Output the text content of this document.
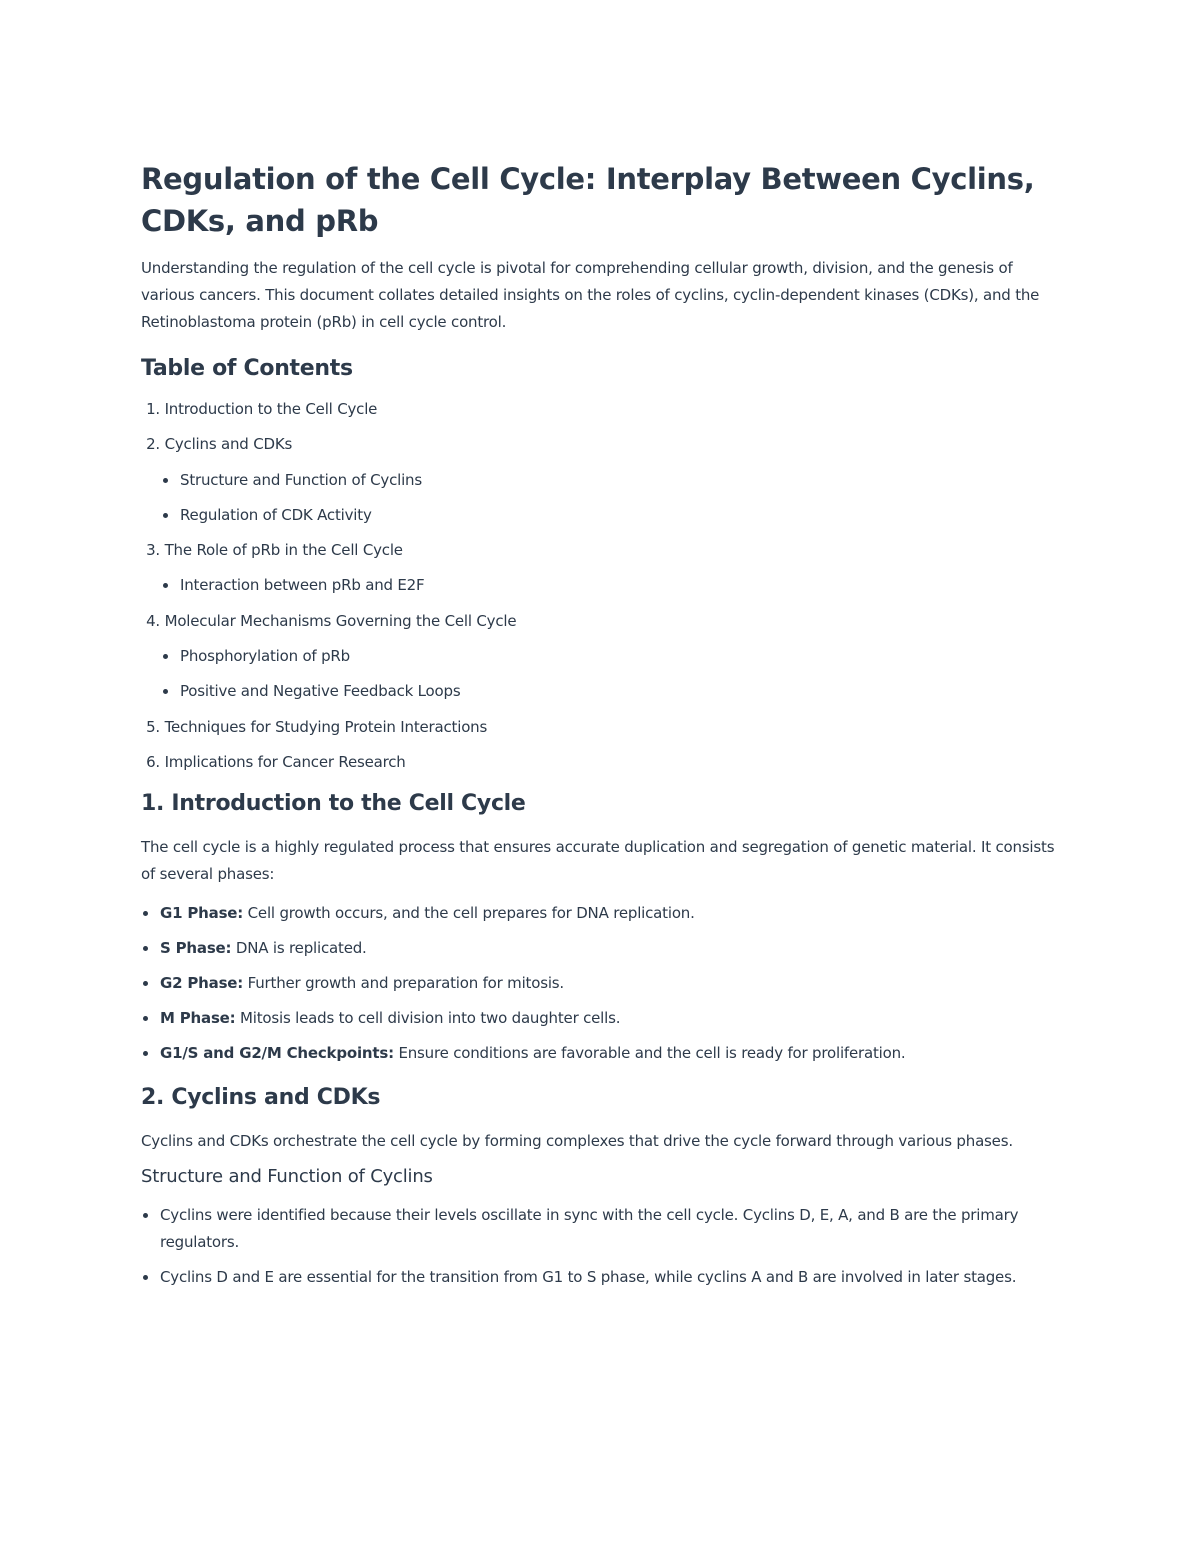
Regulation of the Cell Cycle: Interplay Between Cyclins, CDKs, and pRb

Understanding the regulation of the cell cycle is pivotal for comprehending cellular growth, division, and the genesis of various cancers. This document collates detailed insights on the roles of cyclins, cyclin-dependent kinases (CDKs), and the Retinoblastoma protein (pRb) in cell cycle control.

Table of Contents
1. Introduction to the Cell Cycle
2. Cyclins and CDKs
Structure and Function of Cyclins
Regulation of CDK Activity
3. The Role of pRb in the Cell Cycle
Interaction between pRb and E2F
4. Molecular Mechanisms Governing the Cell Cycle
Phosphorylation of pRb
Positive and Negative Feedback Loops
5. Techniques for Studying Protein Interactions
6. Implications for Cancer Research
1. Introduction to the Cell Cycle

The cell cycle is a highly regulated process that ensures accurate duplication and segregation of genetic material. It consists of several phases:

G1 Phase: Cell growth occurs, and the cell prepares for DNA replication.
S Phase: DNA is replicated.
G2 Phase: Further growth and preparation for mitosis.
M Phase: Mitosis leads to cell division into two daughter cells.
G1/S and G2/M Checkpoints: Ensure conditions are favorable and the cell is ready for proliferation.
2. Cyclins and CDKs

Cyclins and CDKs orchestrate the cell cycle by forming complexes that drive the cycle forward through various phases.

Structure and Function of Cyclins
Cyclins were identified because their levels oscillate in sync with the cell cycle. Cyclins D, E, A, and B are the primary regulators.
Cyclins D and E are essential for the transition from G1 to S phase, while cyclins A and B are involved in later stages.
